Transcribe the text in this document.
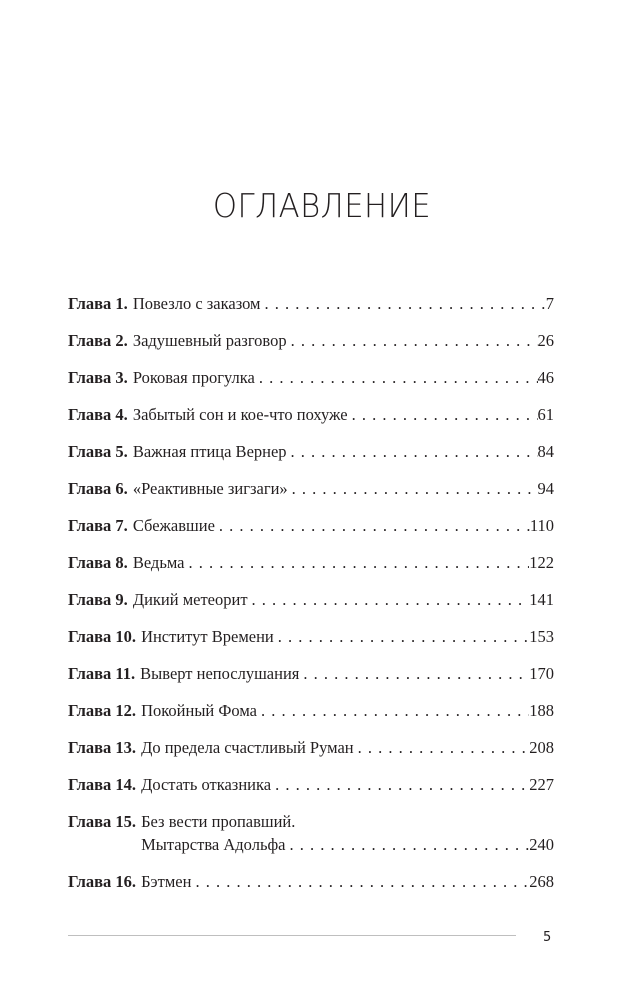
ОГЛАВЛЕНИЕ
Глава 1. Повезло с заказом . . .	7
Глава 2. Задушевный разговор . . .	26
Глава 3. Роковая прогулка . . .	46
Глава 4. Забытый сон и кое-что похуже . . .	61
Глава 5. Важная птица Вернер . . .	84
Глава 6. «Реактивные зигзаги» . . .	94
Глава 7. Сбежавшие . . .	110
Глава 8. Ведьма . . .	122
Глава 9. Дикий метеорит . . .	141
Глава 10. Институт Времени . . .	153
Глава 11. Выверт непослушания . . .	170
Глава 12. Покойный Фома . . .	188
Глава 13. До предела счастливый Руман . . .	208
Глава 14. Достать отказника . . .	227
Глава 15. Без вести пропавший.
Мытарства Адольфа . . .	240
Глава 16. Бэтмен . . .	268
5
